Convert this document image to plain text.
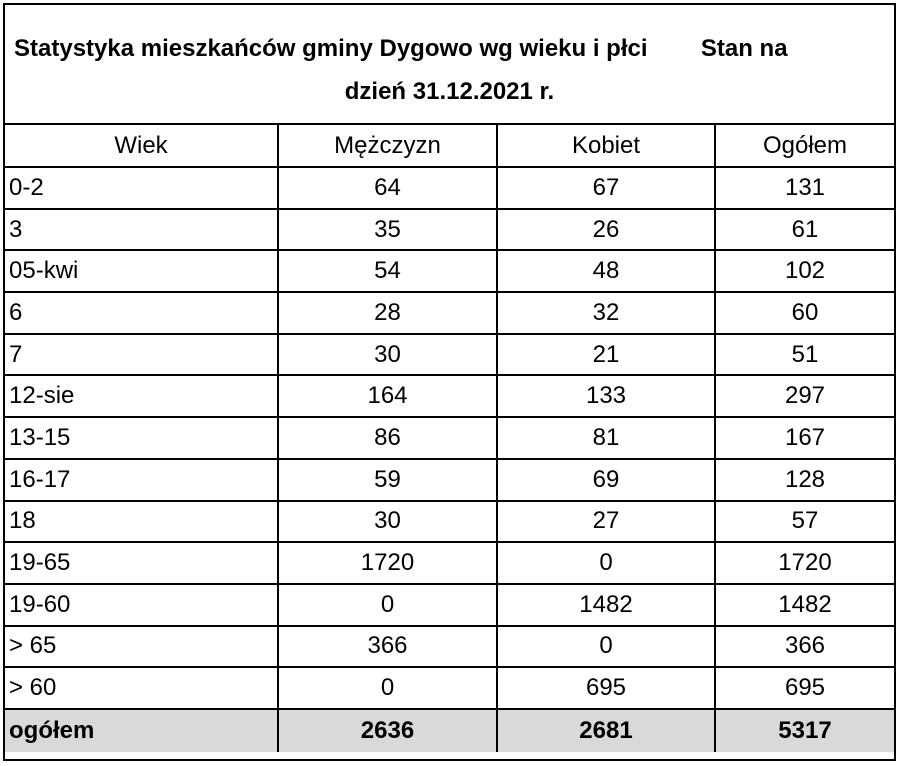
Statystyka mieszkańców gminy Dygowo wg wieku i płci Stan na
dzień 31.12.2021 r.
Wiek	Mężczyzn	Kobiet	Ogółem
0-2	64	67	131
3	35	26	61
05-kwi	54	48	102
6	28	32	60
7	30	21	51
12-sie	164	133	297
13-15	86	81	167
16-17	59	69	128
18	30	27	57
19-65	1720	0	1720
19-60	0	1482	1482
> 65	366	0	366
> 60	0	695	695
ogółem	2636	2681	5317
